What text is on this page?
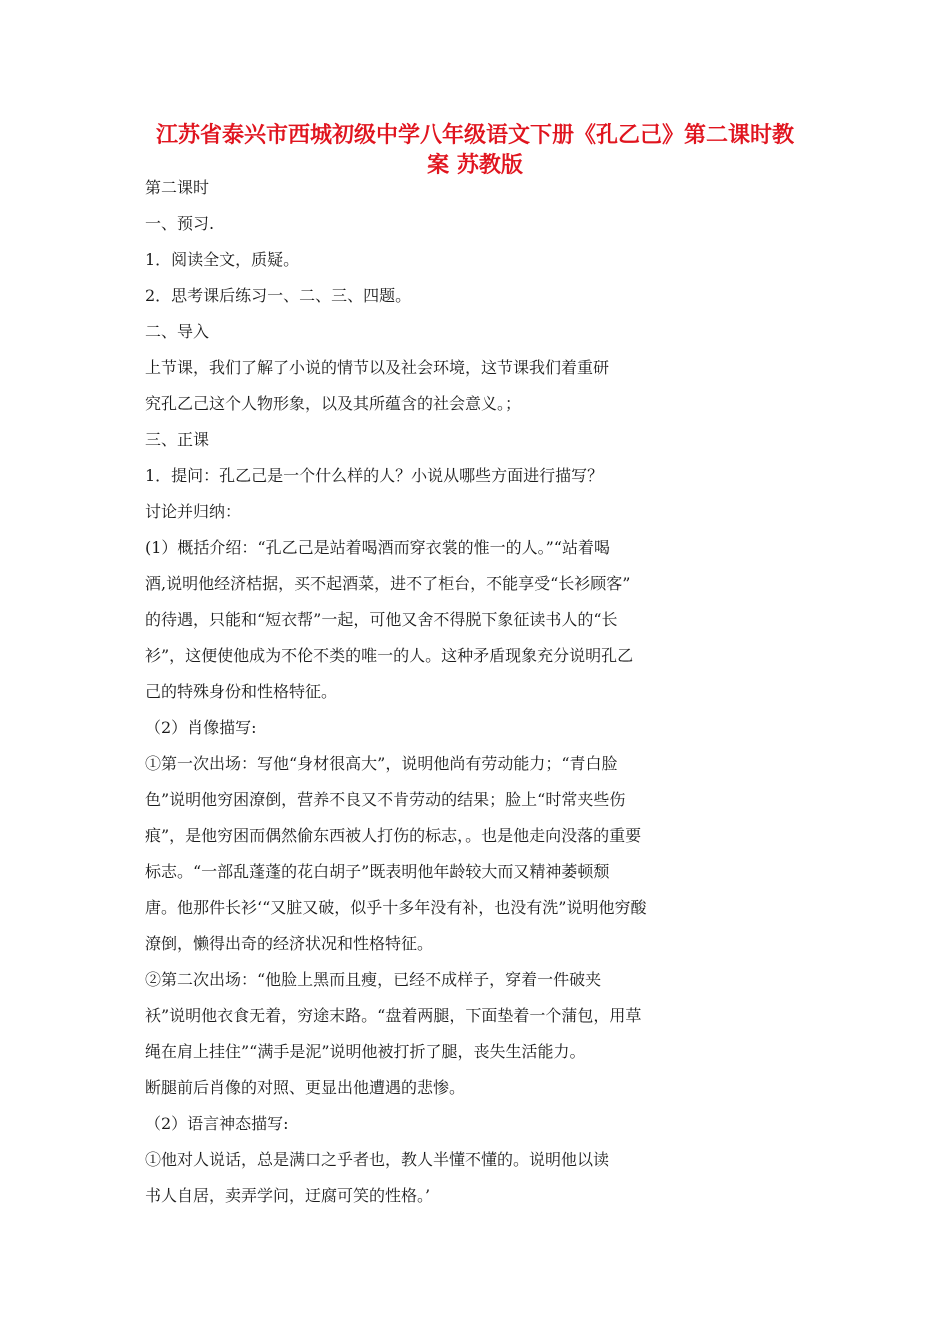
江苏省泰兴市西城初级中学八年级语文下册《孔乙己》第二课时教
案 苏教版

第二课时

一、预习.

1．阅读全文，质疑。

2．思考课后练习一、二、三、四题。

二、导入

上节课，我们了解了小说的情节以及社会环境，这节课我们着重研

究孔乙己这个人物形象，以及其所蕴含的社会意义。；

三、正课

1．提问：孔乙己是一个什么样的人？小说从哪些方面进行描写？

讨论并归纳：

(1）概括介绍：“孔乙己是站着喝酒而穿衣裳的惟一的人。”“站着喝

酒,说明他经济桔据，买不起酒菜，进不了柜台，不能享受“长衫顾客”

的待遇，只能和“短衣帮”一起，可他又舍不得脱下象征读书人的“长

衫”，这便使他成为不伦不类的唯一的人。这种矛盾现象充分说明孔乙

己的特殊身份和性格特征。

（2）肖像描写:

①第一次出场：写他“身材很高大”，说明他尚有劳动能力；“青白脸

色”说明他穷困潦倒，营养不良又不肯劳动的结果；脸上“时常夹些伤

痕”，是他穷困而偶然偷东西被人打伤的标志，。也是他走向没落的重要

标志。“一部乱蓬蓬的花白胡子”既表明他年龄较大而又精神萎顿颓

唐。他那件长衫‘“又脏又破，似乎十多年没有补，也没有洗”说明他穷酸

潦倒，懒得出奇的经济状况和性格特征。

②第二次出场：“他脸上黑而且瘦，已经不成样子，穿着一件破夹

袄”说明他衣食无着，穷途末路。“盘着两腿，下面垫着一个蒲包，用草

绳在肩上挂住”“满手是泥”说明他被打折了腿，丧失生活能力。

断腿前后肖像的对照、更显出他遭遇的悲惨。

（2）语言神态描写:

①他对人说话，总是满口之乎者也，教人半懂不懂的。说明他以读

书人自居，卖弄学问，迂腐可笑的性格。’
